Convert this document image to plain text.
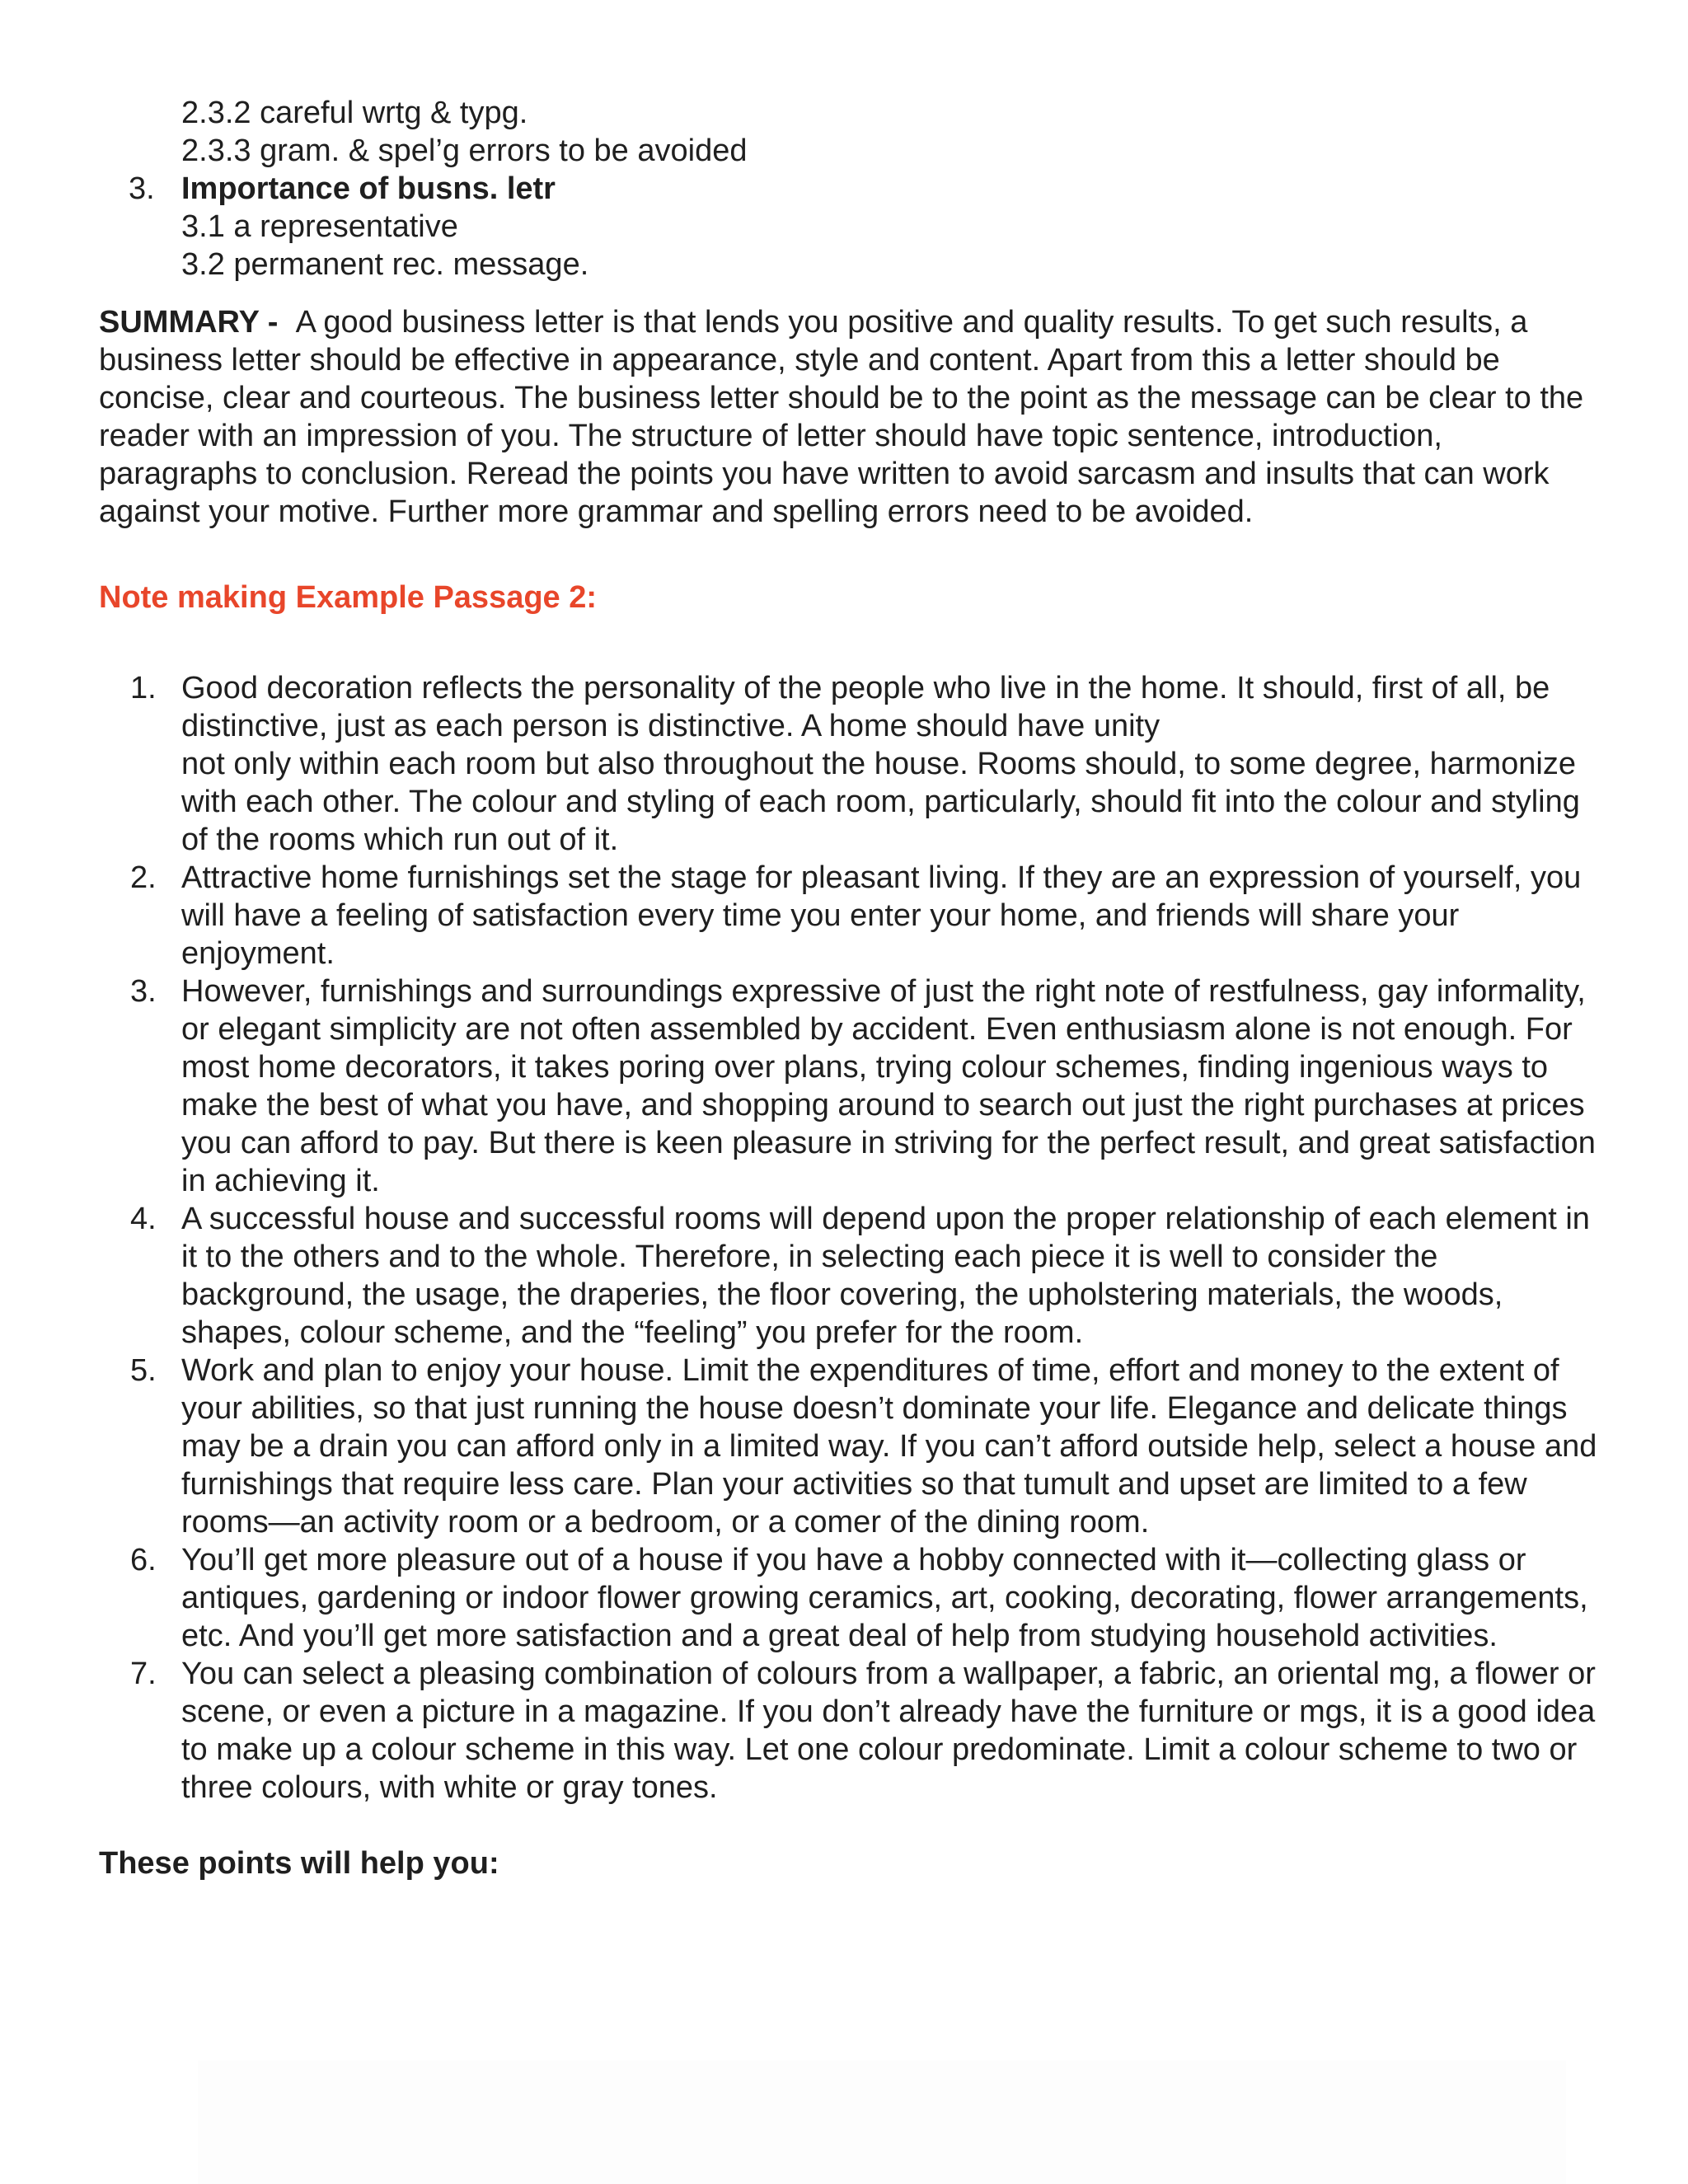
2.3.2 careful wrtg & typg.
2.3.3 gram. & spel’g errors to be avoided
3. Importance of busns. letr
3.1 a representative
3.2 permanent rec. message.
SUMMARY - A good business letter is that lends you positive and quality results. To get such results, a business letter should be effective in appearance, style and content. Apart from this a letter should be concise, clear and courteous. The business letter should be to the point as the message can be clear to the reader with an impression of you. The structure of letter should have topic sentence, introduction, paragraphs to conclusion. Reread the points you have written to avoid sarcasm and insults that can work against your motive. Further more grammar and spelling errors need to be avoided.
Note making Example Passage 2:
1. Good decoration reflects the personality of the people who live in the home. It should, first of all, be distinctive, just as each person is distinctive. A home should have unity
not only within each room but also throughout the house. Rooms should, to some degree, harmonize with each other. The colour and styling of each room, particularly, should fit into the colour and styling of the rooms which run out of it.
2. Attractive home furnishings set the stage for pleasant living. If they are an expression of yourself, you will have a feeling of satisfaction every time you enter your home, and friends will share your enjoyment.
3. However, furnishings and surroundings expressive of just the right note of restfulness, gay informality, or elegant simplicity are not often assembled by accident. Even enthusiasm alone is not enough. For most home decorators, it takes poring over plans, trying colour schemes, finding ingenious ways to make the best of what you have, and shopping around to search out just the right purchases at prices you can afford to pay. But there is keen pleasure in striving for the perfect result, and great satisfaction in achieving it.
4. A successful house and successful rooms will depend upon the proper relationship of each element in it to the others and to the whole. Therefore, in selecting each piece it is well to consider the background, the usage, the draperies, the floor covering, the upholstering materials, the woods, shapes, colour scheme, and the “feeling” you prefer for the room.
5. Work and plan to enjoy your house. Limit the expenditures of time, effort and money to the extent of your abilities, so that just running the house doesn’t dominate your life. Elegance and delicate things may be a drain you can afford only in a limited way. If you can’t afford outside help, select a house and furnishings that require less care. Plan your activities so that tumult and upset are limited to a few rooms—an activity room or a bedroom, or a comer of the dining room.
6. You’ll get more pleasure out of a house if you have a hobby connected with it—collecting glass or antiques, gardening or indoor flower growing ceramics, art, cooking, decorating, flower arrangements, etc. And you’ll get more satisfaction and a great deal of help from studying household activities.
7. You can select a pleasing combination of colours from a wallpaper, a fabric, an oriental mg, a flower or scene, or even a picture in a magazine. If you don’t already have the furniture or mgs, it is a good idea to make up a colour scheme in this way. Let one colour predominate. Limit a colour scheme to two or three colours, with white or gray tones.
These points will help you:
